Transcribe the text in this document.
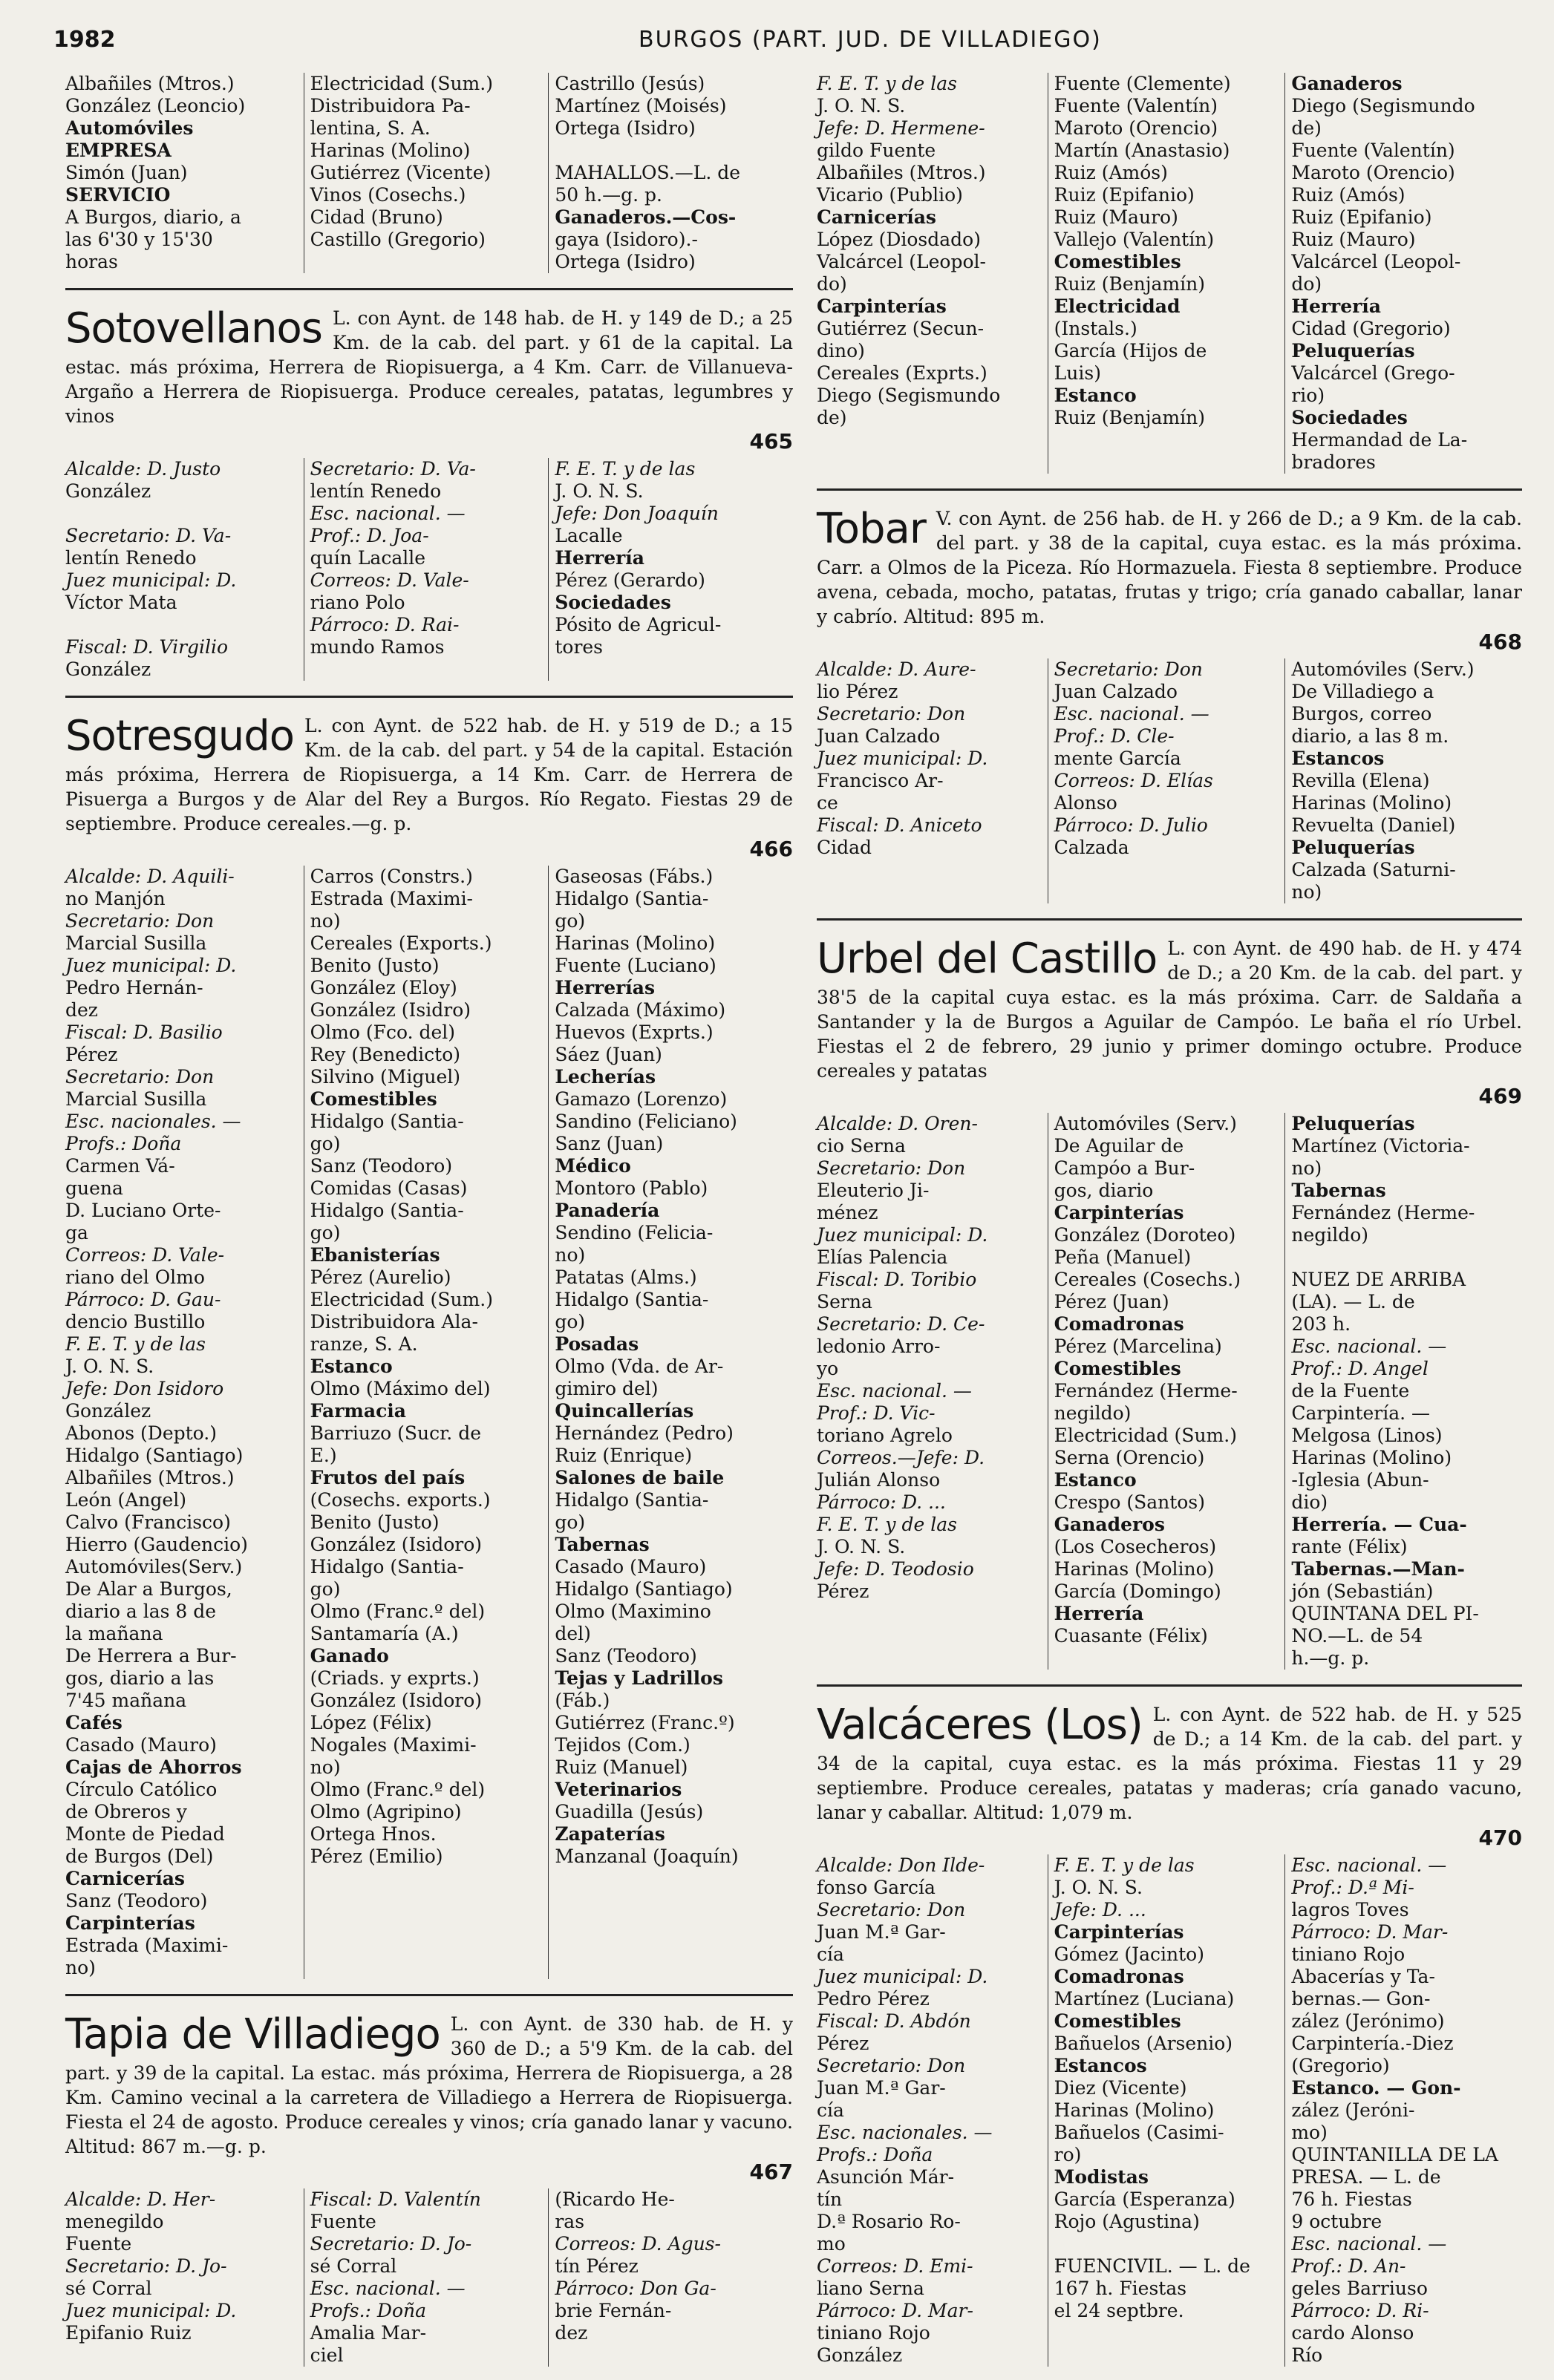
1982	BURGOS (PART. JUD. DE VILLADIEGO)
Albañiles (Mtros.)
González (Leoncio)
Automóviles
EMPRESA
Simón (Juan)
SERVICIO
A Burgos, diario, a
las 6'30 y 15'30
horas
Electricidad (Sum.)
Distribuidora Pa-
lentina, S. A.
Harinas (Molino)
Gutiérrez (Vicente)
Vinos (Cosechs.)
Cidad (Bruno)
Castillo (Gregorio)
Castrillo (Jesús)
Martínez (Moisés)
Ortega (Isidro)

MAHALLOS.—L. de
50 h.—g. p.
Ganaderos.—Cos-
gaya (Isidoro).-
Ortega (Isidro)
Sotovellanos L. con Aynt. de 148 hab. de H. y 149 de D.; a 25 Km. de la cab. del part. y 61 de la capital. La estac. más próxima, Herrera de Riopisuerga, a 4 Km. Carr. de Villanueva-Argaño a Herrera de Riopisuerga. Produce cereales, patatas, legumbres y vinos
465
Alcalde: D. Justo
González

Secretario: D. Va-
lentín Renedo
Juez municipal: D.
Víctor Mata

Fiscal: D. Virgilio
González
Secretario: D. Va-
lentín Renedo
Esc. nacional. —
Prof.: D. Joa-
quín Lacalle
Correos: D. Vale-
riano Polo
Párroco: D. Rai-
mundo Ramos
F. E. T. y de las
J. O. N. S.
Jefe: Don Joaquín
Lacalle
Herrería
Pérez (Gerardo)
Sociedades
Pósito de Agricul-
tores
Sotresgudo L. con Aynt. de 522 hab. de H. y 519 de D.; a 15 Km. de la cab. del part. y 54 de la capital. Estación más próxima, Herrera de Riopisuerga, a 14 Km. Carr. de Herrera de Pisuerga a Burgos y de Alar del Rey a Burgos. Río Regato. Fiestas 29 de septiembre. Produce cereales.—g. p.
466
Alcalde: D. Aquili-
no Manjón
Secretario: Don
Marcial Susilla
Juez municipal: D.
Pedro Hernán-
dez
Fiscal: D. Basilio
Pérez
Secretario: Don
Marcial Susilla
Esc. nacionales. —
Profs.: Doña
Carmen Vá-
guena
D. Luciano Orte-
ga
Correos: D. Vale-
riano del Olmo
Párroco: D. Gau-
dencio Bustillo
F. E. T. y de las
J. O. N. S.
Jefe: Don Isidoro
González
Abonos (Depto.)
Hidalgo (Santiago)
Albañiles (Mtros.)
León (Angel)
Calvo (Francisco)
Hierro (Gaudencio)
Automóviles(Serv.)
De Alar a Burgos,
diario a las 8 de
la mañana
De Herrera a Bur-
gos, diario a las
7'45 mañana
Cafés
Casado (Mauro)
Cajas de Ahorros
Círculo Católico
de Obreros y
Monte de Piedad
de Burgos (Del)
Carnicerías
Sanz (Teodoro)
Carpinterías
Estrada (Maximi-
no)
Carros (Constrs.)
Estrada (Maximi-
no)
Cereales (Exports.)
Benito (Justo)
González (Eloy)
González (Isidro)
Olmo (Fco. del)
Rey (Benedicto)
Silvino (Miguel)
Comestibles
Hidalgo (Santia-
go)
Sanz (Teodoro)
Comidas (Casas)
Hidalgo (Santia-
go)
Ebanisterías
Pérez (Aurelio)
Electricidad (Sum.)
Distribuidora Ala-
ranze, S. A.
Estanco
Olmo (Máximo del)
Farmacia
Barriuzo (Sucr. de
E.)
Frutos del país
(Cosechs. exports.)
Benito (Justo)
González (Isidoro)
Hidalgo (Santia-
go)
Olmo (Franc.º del)
Santamaría (A.)
Ganado
(Criads. y exprts.)
González (Isidoro)
López (Félix)
Nogales (Maximi-
no)
Olmo (Franc.º del)
Olmo (Agripino)
Ortega Hnos.
Pérez (Emilio)
Gaseosas (Fábs.)
Hidalgo (Santia-
go)
Harinas (Molino)
Fuente (Luciano)
Herrerías
Calzada (Máximo)
Huevos (Exprts.)
Sáez (Juan)
Lecherías
Gamazo (Lorenzo)
Sandino (Feliciano)
Sanz (Juan)
Médico
Montoro (Pablo)
Panadería
Sendino (Felicia-
no)
Patatas (Alms.)
Hidalgo (Santia-
go)
Posadas
Olmo (Vda. de Ar-
gimiro del)
Quincallerías
Hernández (Pedro)
Ruiz (Enrique)
Salones de baile
Hidalgo (Santia-
go)
Tabernas
Casado (Mauro)
Hidalgo (Santiago)
Olmo (Maximino
del)
Sanz (Teodoro)
Tejas y Ladrillos
(Fáb.)
Gutiérrez (Franc.º)
Tejidos (Com.)
Ruiz (Manuel)
Veterinarios
Guadilla (Jesús)
Zapaterías
Manzanal (Joaquín)
Tapia de Villadiego L. con Aynt. de 330 hab. de H. y 360 de D.; a 5'9 Km. de la cab. del part. y 39 de la capital. La estac. más próxima, Herrera de Riopisuerga, a 28 Km. Camino vecinal a la carretera de Villadiego a Herrera de Riopisuerga. Fiesta el 24 de agosto. Produce cereales y vinos; cría ganado lanar y vacuno. Altitud: 867 m.—g. p.
467
Alcalde: D. Her-
menegildo
Fuente
Secretario: D. Jo-
sé Corral
Juez municipal: D.
Epifanio Ruiz
Fiscal: D. Valentín
Fuente
Secretario: D. Jo-
sé Corral
Esc. nacional. —
Profs.: Doña
Amalia Mar-
ciel
(Ricardo He-
ras
Correos: D. Agus-
tín Pérez
Párroco: Don Ga-
brie Fernán-
dez
F. E. T. y de las
J. O. N. S.
Jefe: D. Hermene-
gildo Fuente
Albañiles (Mtros.)
Vicario (Publio)
Carnicerías
López (Diosdado)
Valcárcel (Leopol-
do)
Carpinterías
Gutiérrez (Secun-
dino)
Cereales (Exprts.)
Diego (Segismundo
de)
Fuente (Clemente)
Fuente (Valentín)
Maroto (Orencio)
Martín (Anastasio)
Ruiz (Amós)
Ruiz (Epifanio)
Ruiz (Mauro)
Vallejo (Valentín)
Comestibles
Ruiz (Benjamín)
Electricidad
(Instals.)
García (Hijos de
Luis)
Estanco
Ruiz (Benjamín)
Ganaderos
Diego (Segismundo
de)
Fuente (Valentín)
Maroto (Orencio)
Ruiz (Amós)
Ruiz (Epifanio)
Ruiz (Mauro)
Valcárcel (Leopol-
do)
Herrería
Cidad (Gregorio)
Peluquerías
Valcárcel (Grego-
rio)
Sociedades
Hermandad de La-
bradores
Tobar V. con Aynt. de 256 hab. de H. y 266 de D.; a 9 Km. de la cab. del part. y 38 de la capital, cuya estac. es la más próxima. Carr. a Olmos de la Piceza. Río Hormazuela. Fiesta 8 septiembre. Produce avena, cebada, mocho, patatas, frutas y trigo; cría ganado caballar, lanar y cabrío. Altitud: 895 m.
468
Alcalde: D. Aure-
lio Pérez
Secretario: Don
Juan Calzado
Juez municipal: D.
Francisco Ar-
ce
Fiscal: D. Aniceto
Cidad
Secretario: Don
Juan Calzado
Esc. nacional. —
Prof.: D. Cle-
mente García
Correos: D. Elías
Alonso
Párroco: D. Julio
Calzada
Automóviles (Serv.)
De Villadiego a
Burgos, correo
diario, a las 8 m.
Estancos
Revilla (Elena)
Harinas (Molino)
Revuelta (Daniel)
Peluquerías
Calzada (Saturni-
no)
Urbel del Castillo L. con Aynt. de 490 hab. de H. y 474 de D.; a 20 Km. de la cab. del part. y 38'5 de la capital cuya estac. es la más próxima. Carr. de Saldaña a Santander y la de Burgos a Aguilar de Campóo. Le baña el río Urbel. Fiestas el 2 de febrero, 29 junio y primer domingo octubre. Produce cereales y patatas
469
Alcalde: D. Oren-
cio Serna
Secretario: Don
Eleuterio Ji-
ménez
Juez municipal: D.
Elías Palencia
Fiscal: D. Toribio
Serna
Secretario: D. Ce-
ledonio Arro-
yo
Esc. nacional. —
Prof.: D. Vic-
toriano Agrelo
Correos.—Jefe: D.
Julián Alonso
Párroco: D. ...
F. E. T. y de las
J. O. N. S.
Jefe: D. Teodosio
Pérez
Automóviles (Serv.)
De Aguilar de
Campóo a Bur-
gos, diario
Carpinterías
González (Doroteo)
Peña (Manuel)
Cereales (Cosechs.)
Pérez (Juan)
Comadronas
Pérez (Marcelina)
Comestibles
Fernández (Herme-
negildo)
Electricidad (Sum.)
Serna (Orencio)
Estanco
Crespo (Santos)
Ganaderos
(Los Cosecheros)
Harinas (Molino)
García (Domingo)
Herrería
Cuasante (Félix)
Peluquerías
Martínez (Victoria-
no)
Tabernas
Fernández (Herme-
negildo)

NUEZ DE ARRIBA
(LA). — L. de
203 h.
Esc. nacional. —
Prof.: D. Angel
de la Fuente
Carpintería. —
Melgosa (Linos)
Harinas (Molino)
-Iglesia (Abun-
dio)
Herrería. — Cua-
rante (Félix)
Tabernas.—Man-
jón (Sebastián)
QUINTANA DEL PI-
NO.—L. de 54
h.—g. p.
Valcáceres (Los) L. con Aynt. de 522 hab. de H. y 525 de D.; a 14 Km. de la cab. del part. y 34 de la capital, cuya estac. es la más próxima. Fiestas 11 y 29 septiembre. Produce cereales, patatas y maderas; cría ganado vacuno, lanar y caballar. Altitud: 1,079 m.
470
Alcalde: Don Ilde-
fonso García
Secretario: Don
Juan M.ª Gar-
cía
Juez municipal: D.
Pedro Pérez
Fiscal: D. Abdón
Pérez
Secretario: Don
Juan M.ª Gar-
cía
Esc. nacionales. —
Profs.: Doña
Asunción Már-
tín
D.ª Rosario Ro-
mo
Correos: D. Emi-
liano Serna
Párroco: D. Mar-
tiniano Rojo
González
F. E. T. y de las
J. O. N. S.
Jefe: D. ...
Carpinterías
Gómez (Jacinto)
Comadronas
Martínez (Luciana)
Comestibles
Bañuelos (Arsenio)
Estancos
Diez (Vicente)
Harinas (Molino)
Bañuelos (Casimi-
ro)
Modistas
García (Esperanza)
Rojo (Agustina)

FUENCIVIL. — L. de
167 h. Fiestas
el 24 septbre.
Esc. nacional. —
Prof.: D.ª Mi-
lagros Toves
Párroco: D. Mar-
tiniano Rojo
Abacerías y Ta-
bernas.— Gon-
zález (Jerónimo)
Carpintería.-Diez
(Gregorio)
Estanco. — Gon-
zález (Jeróni-
mo)
QUINTANILLA DE LA
PRESA. — L. de
76 h. Fiestas
9 octubre
Esc. nacional. —
Prof.: D. An-
geles Barriuso
Párroco: D. Ri-
cardo Alonso
Río
